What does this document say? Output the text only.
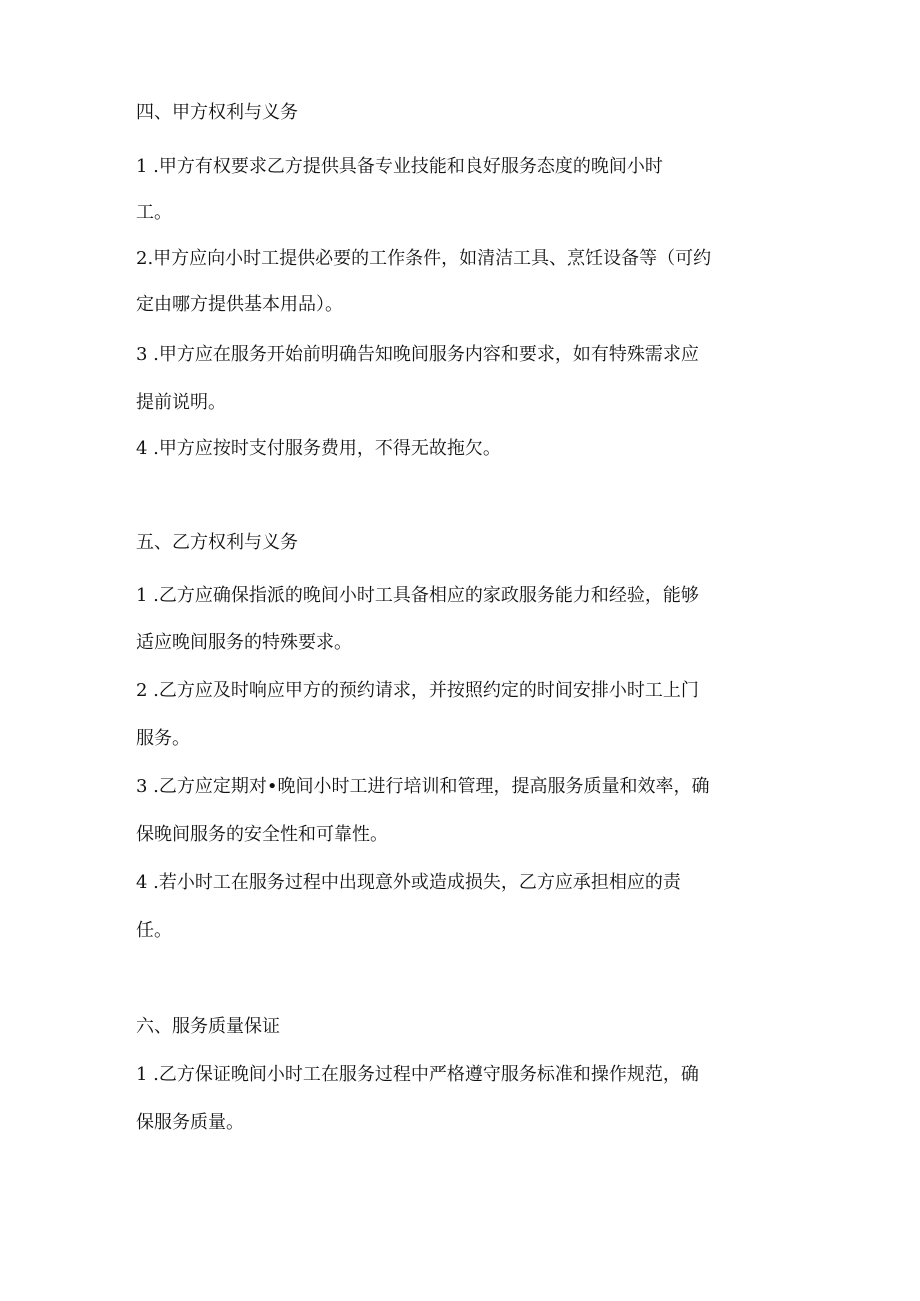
四、甲方权利与义务
1 .甲方有权要求乙方提供具备专业技能和良好服务态度的晚间小时
工。
2.甲方应向小时工提供必要的工作条件，如清洁工具、烹饪设备等（可约
定由哪方提供基本用品）。
3 .甲方应在服务开始前明确告知晚间服务内容和要求，如有特殊需求应
提前说明。
4 .甲方应按时支付服务费用，不得无故拖欠。
五、乙方权利与义务
1 .乙方应确保指派的晚间小时工具备相应的家政服务能力和经验，能够
适应晚间服务的特殊要求。
2 .乙方应及时响应甲方的预约请求，并按照约定的时间安排小时工上门
服务。
3 .乙方应定期对•晚间小时工进行培训和管理，提高服务质量和效率，确
保晚间服务的安全性和可靠性。
4 .若小时工在服务过程中出现意外或造成损失，乙方应承担相应的责
任。
六、服务质量保证
1 .乙方保证晚间小时工在服务过程中严格遵守服务标准和操作规范，确
保服务质量。
